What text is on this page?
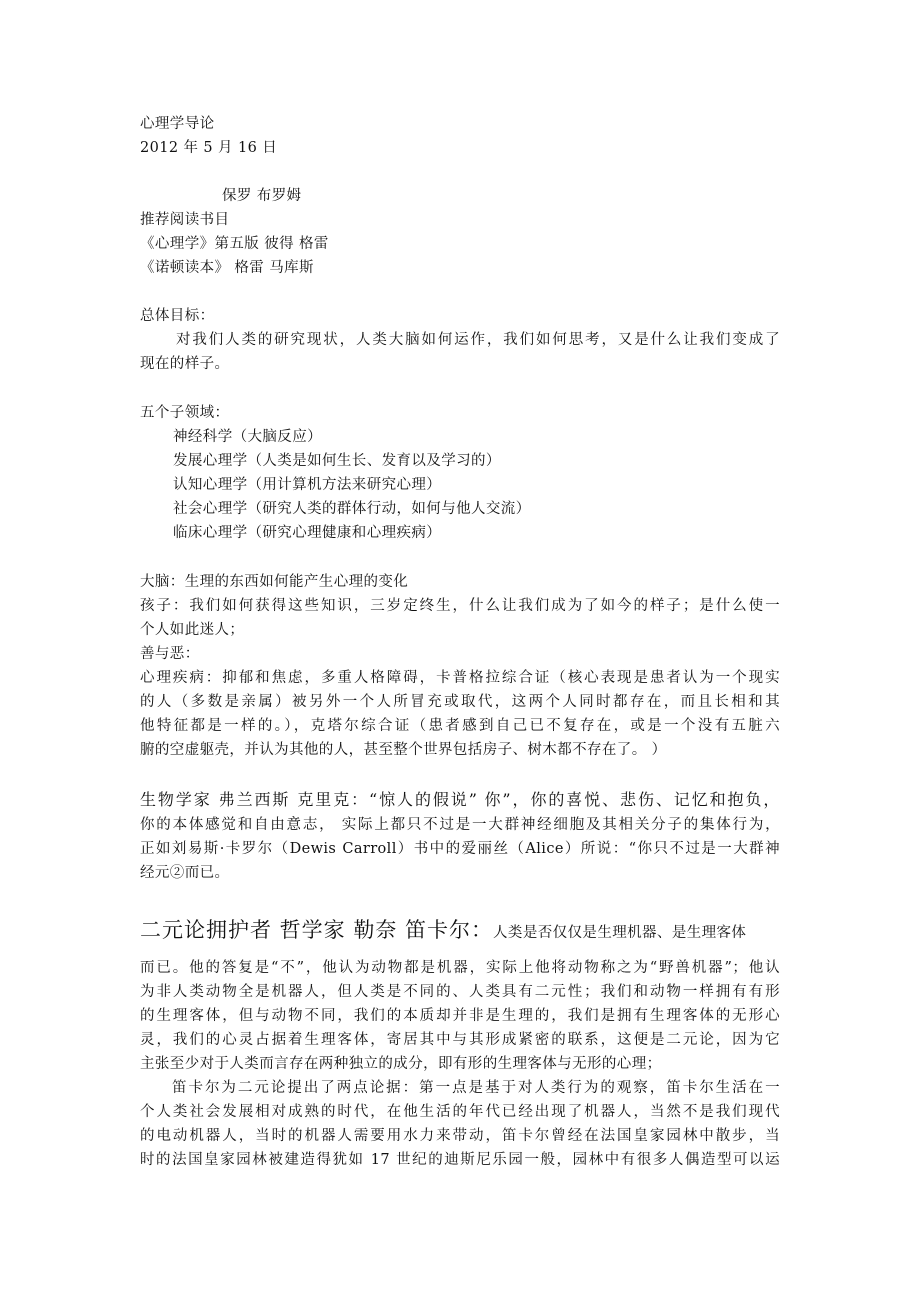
心理学导论
2012 年 5 月 16 日
保罗 布罗姆
推荐阅读书目
《心理学》第五版 彼得 格雷
《诺顿读本》 格雷 马库斯
总体目标：
对我们人类的研究现状，人类大脑如何运作，我们如何思考，又是什么让我们变成了
现在的样子。
五个子领域：
神经科学（大脑反应）
发展心理学（人类是如何生长、发育以及学习的）
认知心理学（用计算机方法来研究心理）
社会心理学（研究人类的群体行动，如何与他人交流）
临床心理学（研究心理健康和心理疾病）
大脑：生理的东西如何能产生心理的变化
孩子：我们如何获得这些知识，三岁定终生，什么让我们成为了如今的样子；是什么使一
个人如此迷人；
善与恶：
心理疾病：抑郁和焦虑，多重人格障碍，卡普格拉综合证（核心表现是患者认为一个现实
的人（多数是亲属）被另外一个人所冒充或取代，这两个人同时都存在，而且长相和其
他特征都是一样的。），克塔尔综合证（患者感到自己已不复存在，或是一个没有五脏六
腑的空虚躯壳，并认为其他的人，甚至整个世界包括房子、树木都不存在了。 ）
生物学家 弗兰西斯 克里克：“惊人的假说” 你”，你的喜悦、悲伤、记忆和抱负，
你的本体感觉和自由意志， 实际上都只不过是一大群神经细胞及其相关分子的集体行为，
正如刘易斯·卡罗尔（Dewis Carroll）书中的爱丽丝（Alice）所说：“你只不过是一大群神
经元②而已。
二元论拥护者 哲学家 勒奈 笛卡尔：人类是否仅仅是生理机器、是生理客体
而已。他的答复是“不”，他认为动物都是机器，实际上他将动物称之为“野兽机器”；他认
为非人类动物全是机器人，但人类是不同的、人类具有二元性；我们和动物一样拥有有形
的生理客体，但与动物不同，我们的本质却并非是生理的，我们是拥有生理客体的无形心
灵，我们的心灵占据着生理客体，寄居其中与其形成紧密的联系，这便是二元论，因为它
主张至少对于人类而言存在两种独立的成分，即有形的生理客体与无形的心理；
笛卡尔为二元论提出了两点论据：第一点是基于对人类行为的观察，笛卡尔生活在一
个人类社会发展相对成熟的时代，在他生活的年代已经出现了机器人，当然不是我们现代
的电动机器人，当时的机器人需要用水力来带动，笛卡尔曾经在法国皇家园林中散步，当
时的法国皇家园林被建造得犹如 17 世纪的迪斯尼乐园一般，园林中有很多人偶造型可以运
